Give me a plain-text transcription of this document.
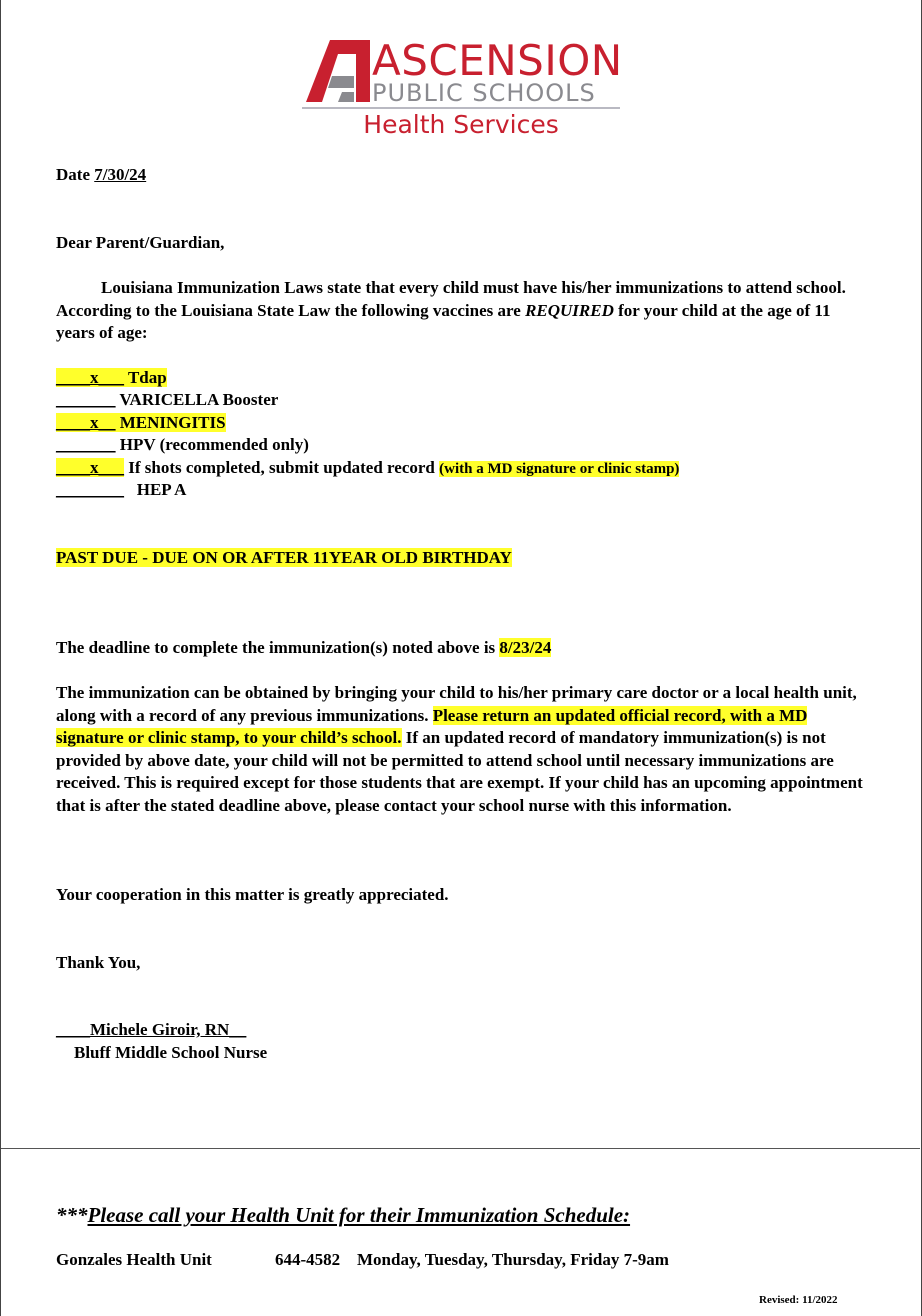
ASCENSION
PUBLIC SCHOOLS
Health Services
Date 7/30/24
Dear Parent/Guardian,
Louisiana Immunization Laws state that every child must have his/her immunizations to attend school. According to the Louisiana State Law the following vaccines are REQUIRED for your child at the age of 11 years of age:
____x___ Tdap
_______ VARICELLA Booster
____x__ MENINGITIS
_______ HPV (recommended only)
____x___ If shots completed, submit updated record (with a MD signature or clinic stamp)
________ HEP A
PAST DUE - DUE ON OR AFTER 11YEAR OLD BIRTHDAY
The deadline to complete the immunization(s) noted above is 8/23/24
The immunization can be obtained by bringing your child to his/her primary care doctor or a local health unit, along with a record of any previous immunizations. Please return an updated official record, with a MD signature or clinic stamp, to your child’s school. If an updated record of mandatory immunization(s) is not provided by above date, your child will not be permitted to attend school until necessary immunizations are received. This is required except for those students that are exempt. If your child has an upcoming appointment that is after the stated deadline above, please contact your school nurse with this information.
Your cooperation in this matter is greatly appreciated.
Thank You,
____Michele Giroir, RN__
Bluff Middle School Nurse
***Please call your Health Unit for their Immunization Schedule:
Gonzales Health Unit	644-4582 Monday, Tuesday, Thursday, Friday 7-9am
Revised: 11/2022
